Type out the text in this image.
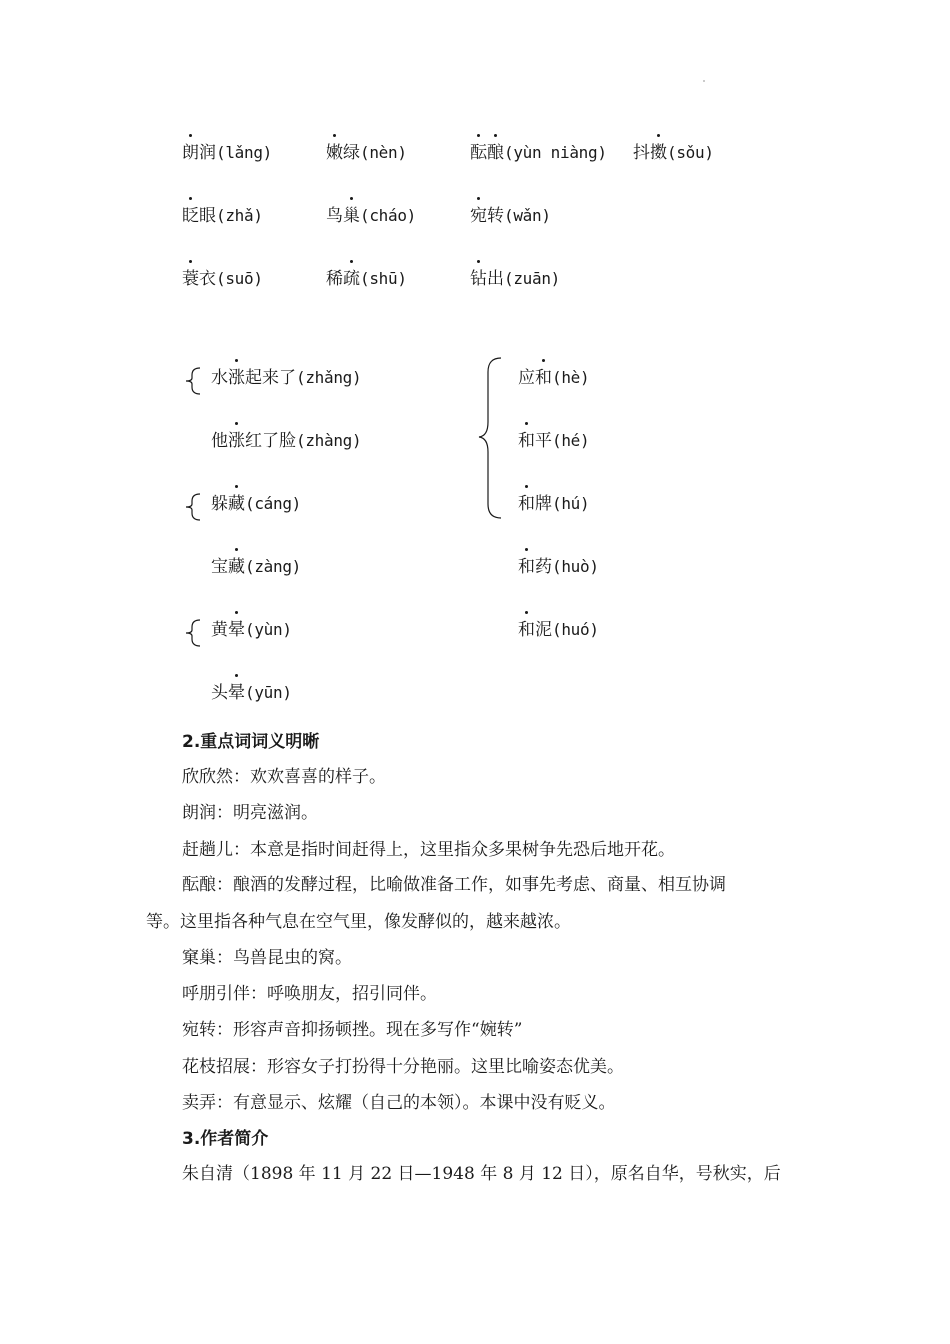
朗润(lǎng)	嫩绿(nèn)	酝酿(yùn niàng) 抖擞(sǒu)
眨眼(zhǎ)	鸟巢(cháo)	宛转(wǎn)
蓑衣(suō)	稀疏(shū)	钻出(zuān)
水涨起来了(zhǎng)
他涨红了脸(zhàng)
躲藏(cáng)
宝藏(zàng)
黄晕(yùn)
头晕(yūn)
应和(hè)
和平(hé)
和牌(hú)
和药(huò)
和泥(huó)
2.重点词词义明晰
欣欣然：欢欢喜喜的样子。
朗润：明亮滋润。
赶趟儿：本意是指时间赶得上，这里指众多果树争先恐后地开花。
酝酿：酿酒的发酵过程，比喻做准备工作，如事先考虑、商量、相互协调
等。这里指各种气息在空气里，像发酵似的，越来越浓。
窠巢：鸟兽昆虫的窝。
呼朋引伴：呼唤朋友，招引同伴。
宛转：形容声音抑扬顿挫。现在多写作“婉转”
花枝招展：形容女子打扮得十分艳丽。这里比喻姿态优美。
卖弄：有意显示、炫耀（自己的本领）。本课中没有贬义。
3.作者简介
朱自清（1898 年 11 月 22 日—1948 年 8 月 12 日），原名自华，号秋实，后
